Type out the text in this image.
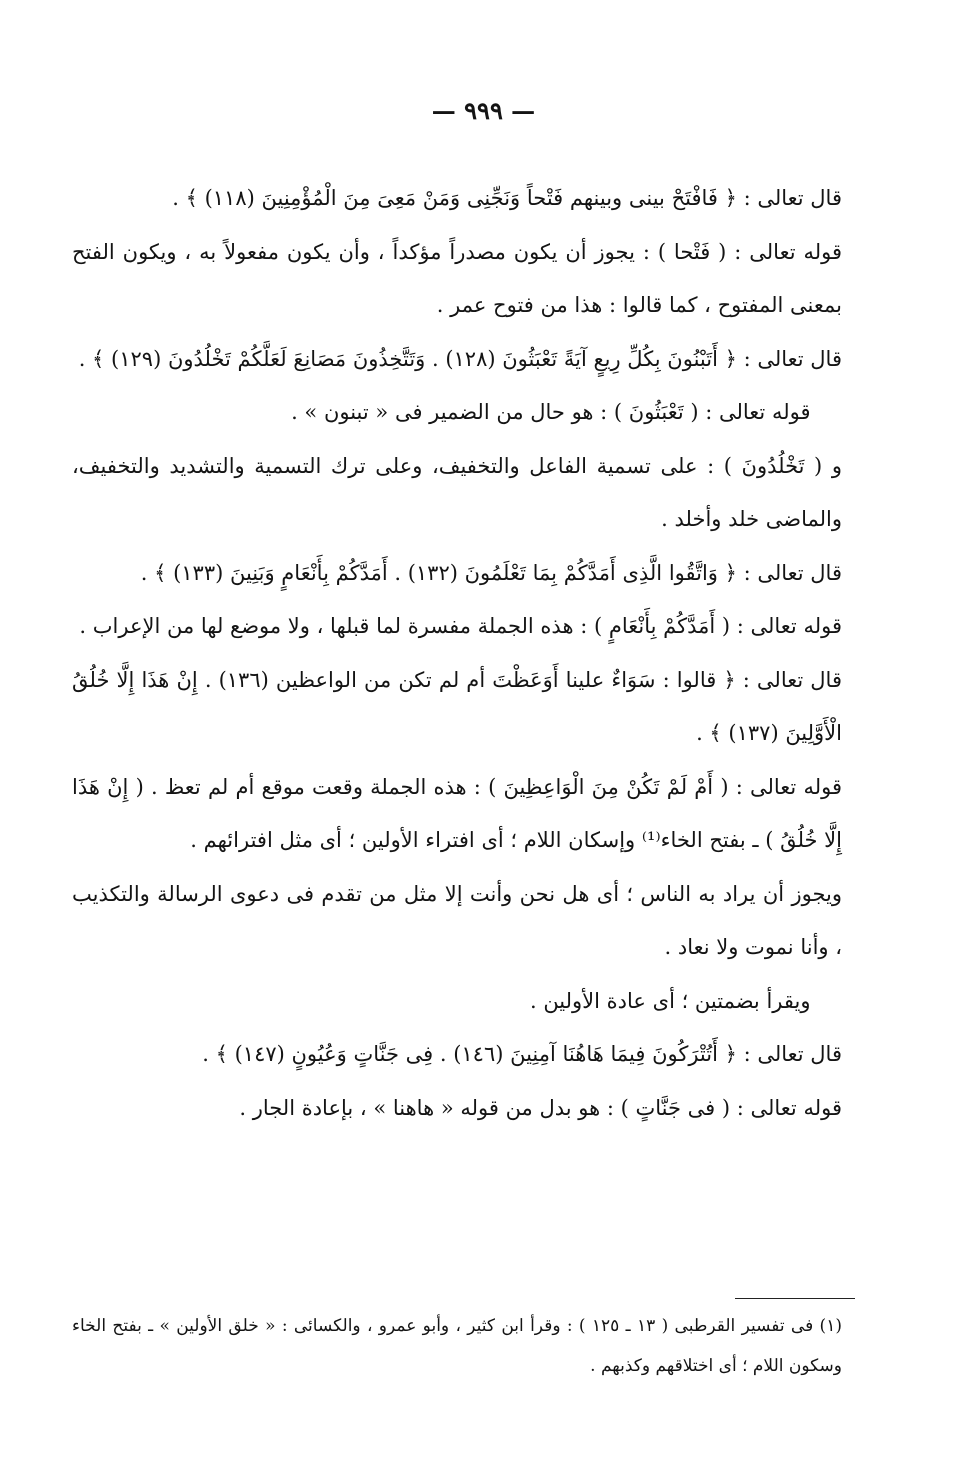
— ٩٩٩ —

قال تعالى : ﴿ فَافْتَحْ بينى وبينهم فَتْحاً وَنَجِّنِى وَمَنْ مَعِىَ مِنَ الْمُؤْمِنِينَ (١١٨) ﴾ .

قوله تعالى : ( فَتْحا ) : يجوز أن يكون مصدراً مؤكداً ، وأن يكون مفعولاً به ، ويكون الفتح بمعنى المفتوح ، كما قالوا : هذا من فتوح عمر .

قال تعالى : ﴿ أَتَبْنُونَ بِكُلِّ رِيعٍ آيَةً تَعْبَثُونَ (١٢٨) . وَتَتَّخِذُونَ مَصَانِعَ لَعَلَّكُمْ تَخْلُدُونَ (١٢٩) ﴾ .

قوله تعالى : ( تَعْبَثُونَ ) : هو حال من الضمير فى « تبنون » .

و ( تَخْلُدُونَ ) : على تسمية الفاعل والتخفيف، وعلى ترك التسمية والتشديد والتخفيف، والماضى خلد وأخلد .

قال تعالى : ﴿ وَاتَّقُوا الَّذِى أَمَدَّكُمْ بِمَا تَعْلَمُونَ (١٣٢) . أَمَدَّكُمْ بِأَنْعَامٍ وَبَنِينَ (١٣٣) ﴾ .

قوله تعالى : ( أَمَدَّكُمْ بِأَنْعَامٍ ) : هذه الجملة مفسرة لما قبلها ، ولا موضع لها من الإعراب .

قال تعالى : ﴿ قالوا : سَوَاءٌ علينا أَوَعَظْتَ أم لم تكن من الواعظين (١٣٦) . إِنْ هَذَا إِلَّا خُلُقُ الْأَوَّلِينَ (١٣٧) ﴾ .

قوله تعالى : ( أَمْ لَمْ تَكُنْ مِنَ الْوَاعِظِينَ ) : هذه الجملة وقعت موقع أم لم تعظ . ( إِنْ هَذَا إِلَّا خُلُقُ ) ـ بفتح الخاء⁽¹⁾ وإسكان اللام ؛ أى افتراء الأولين ؛ أى مثل افترائهم .

ويجوز أن يراد به الناس ؛ أى هل نحن وأنت إلا مثل من تقدم فى دعوى الرسالة والتكذيب ، وأنا نموت ولا نعاد .

ويقرأ بضمتين ؛ أى عادة الأولين .

قال تعالى : ﴿ أَتُتْرَكُونَ فِيمَا هَاهُنَا آمِنِينَ (١٤٦) . فِى جَنَّاتٍ وَعُيُونٍ (١٤٧) ﴾ .

قوله تعالى : ( فى جَنَّاتٍ ) : هو بدل من قوله « هاهنا » ، بإعادة الجار .

(١) فى تفسير القرطبى ( ١٣ ـ ١٢٥ ) : وقرأ ابن كثير ، وأبو عمرو ، والكسائى : « خلق الأولين » ـ بفتح الخاء وسكون اللام ؛ أى اختلاقهم وكذبهم .
